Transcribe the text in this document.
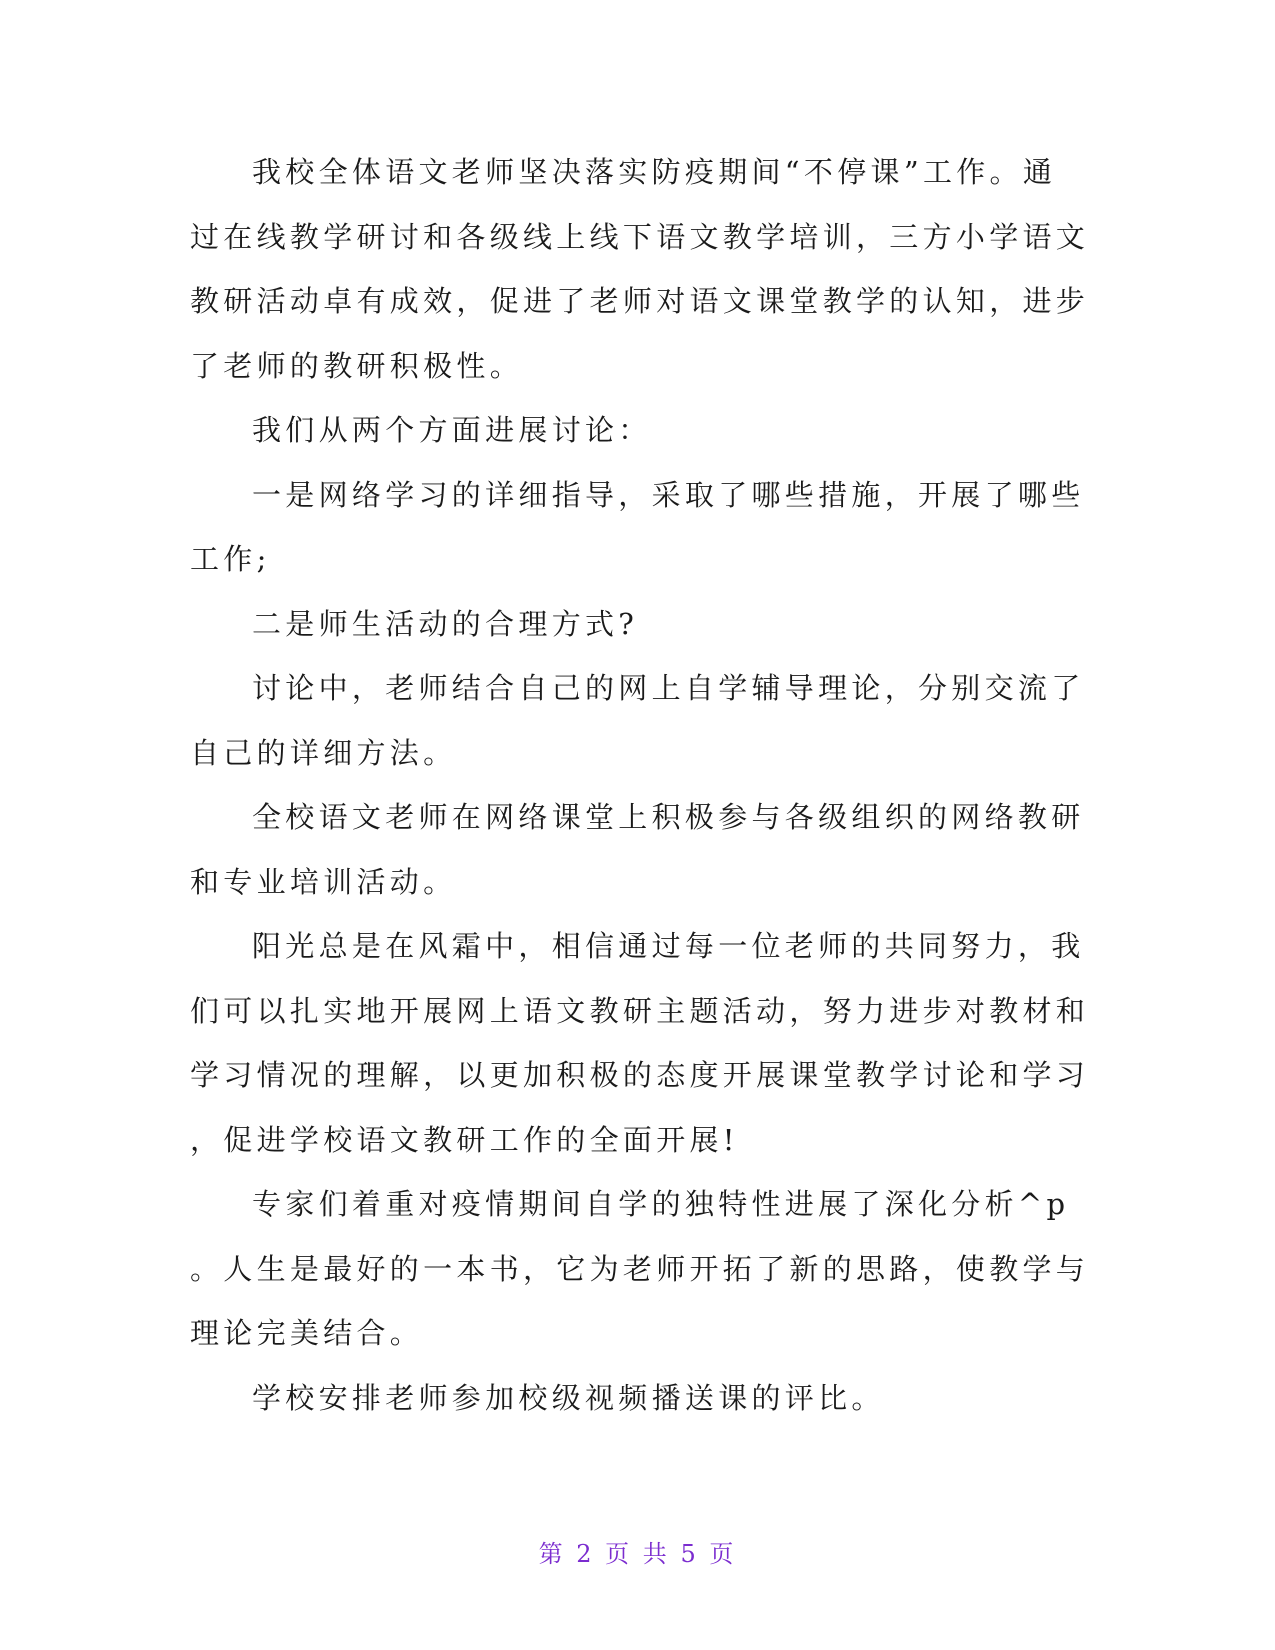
我校全体语文老师坚决落实防疫期间“不停课”工作。通
过在线教学研讨和各级线上线下语文教学培训，三方小学语文
教研活动卓有成效，促进了老师对语文课堂教学的认知，进步
了老师的教研积极性。
我们从两个方面进展讨论：
一是网络学习的详细指导，采取了哪些措施，开展了哪些
工作;
二是师生活动的合理方式?
讨论中，老师结合自己的网上自学辅导理论，分别交流了
自己的详细方法。
全校语文老师在网络课堂上积极参与各级组织的网络教研
和专业培训活动。
阳光总是在风霜中，相信通过每一位老师的共同努力，我
们可以扎实地开展网上语文教研主题活动，努力进步对教材和
学习情况的理解，以更加积极的态度开展课堂教学讨论和学习
，促进学校语文教研工作的全面开展!
专家们着重对疫情期间自学的独特性进展了深化分析^p
。人生是最好的一本书，它为老师开拓了新的思路，使教学与
理论完美结合。
学校安排老师参加校级视频播送课的评比。
第 2 页 共 5 页
